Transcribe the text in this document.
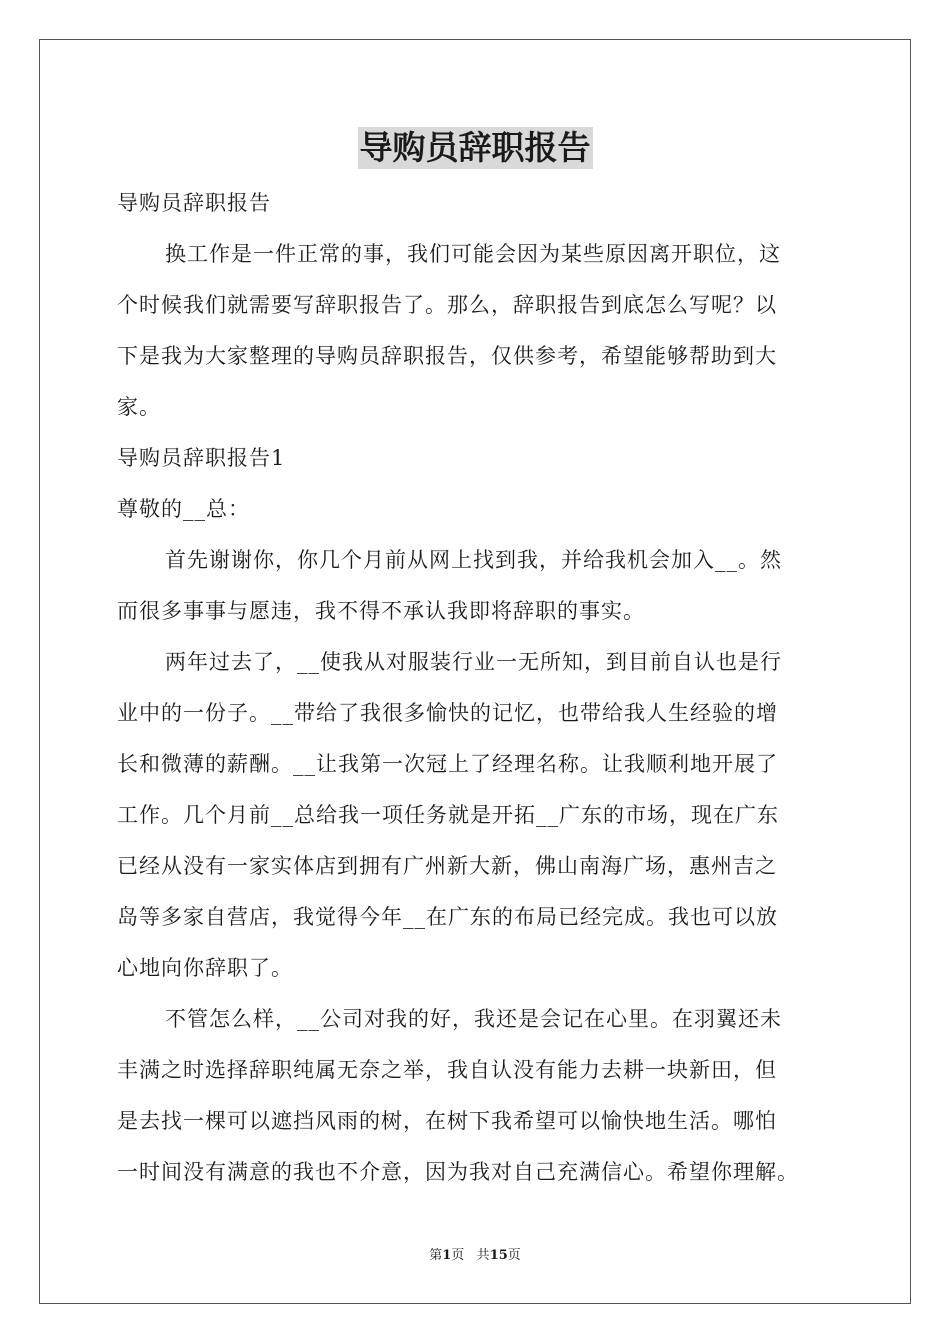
导购员辞职报告
导购员辞职报告
换工作是一件正常的事，我们可能会因为某些原因离开职位，这
个时候我们就需要写辞职报告了。那么，辞职报告到底怎么写呢？以
下是我为大家整理的导购员辞职报告，仅供参考，希望能够帮助到大
家。
导购员辞职报告1
尊敬的__总：
首先谢谢你，你几个月前从网上找到我，并给我机会加入__。然
而很多事事与愿违，我不得不承认我即将辞职的事实。
两年过去了，__使我从对服装行业一无所知，到目前自认也是行
业中的一份子。__带给了我很多愉快的记忆，也带给我人生经验的增
长和微薄的薪酬。__让我第一次冠上了经理名称。让我顺利地开展了
工作。几个月前__总给我一项任务就是开拓__广东的市场，现在广东
已经从没有一家实体店到拥有广州新大新，佛山南海广场，惠州吉之
岛等多家自营店，我觉得今年__在广东的布局已经完成。我也可以放
心地向你辞职了。
不管怎么样，__公司对我的好，我还是会记在心里。在羽翼还未
丰满之时选择辞职纯属无奈之举，我自认没有能力去耕一块新田，但
是去找一棵可以遮挡风雨的树，在树下我希望可以愉快地生活。哪怕
一时间没有满意的我也不介意，因为我对自己充满信心。希望你理解。
第1页 共15页
